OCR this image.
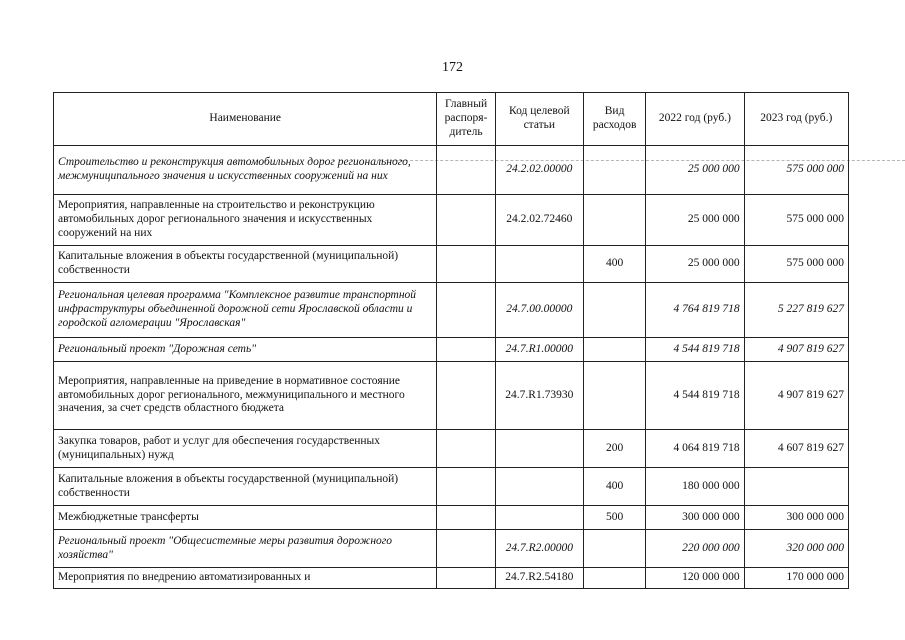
172
Наименование	Главный распоря-дитель	Код целевой статьи	Вид расходов	2022 год (руб.)	2023 год (руб.)
Строительство и реконструкция автомобильных дорог регионального, межмуниципального значения и искусственных сооружений на них		24.2.02.00000		25 000 000	575 000 000
Мероприятия, направленные на строительство и реконструкцию автомобильных дорог регионального значения и искусственных сооружений на них		24.2.02.72460		25 000 000	575 000 000
Капитальные вложения в объекты государственной (муниципальной) собственности			400	25 000 000	575 000 000
Региональная целевая программа "Комплексное развитие транспортной инфраструктуры объединенной дорожной сети Ярославской области и городской агломерации "Ярославская"		24.7.00.00000		4 764 819 718	5 227 819 627
Региональный проект "Дорожная сеть"		24.7.R1.00000		4 544 819 718	4 907 819 627
Мероприятия, направленные на приведение в нормативное состояние автомобильных дорог регионального, межмуниципального и местного значения, за счет средств областного бюджета		24.7.R1.73930		4 544 819 718	4 907 819 627
Закупка товаров, работ и услуг для обеспечения государственных (муниципальных) нужд			200	4 064 819 718	4 607 819 627
Капитальные вложения в объекты государственной (муниципальной) собственности			400	180 000 000	
Межбюджетные трансферты			500	300 000 000	300 000 000
Региональный проект "Общесистемные меры развития дорожного хозяйства"		24.7.R2.00000		220 000 000	320 000 000
Мероприятия по внедрению автоматизированных и		24.7.R2.54180		120 000 000	170 000 000
